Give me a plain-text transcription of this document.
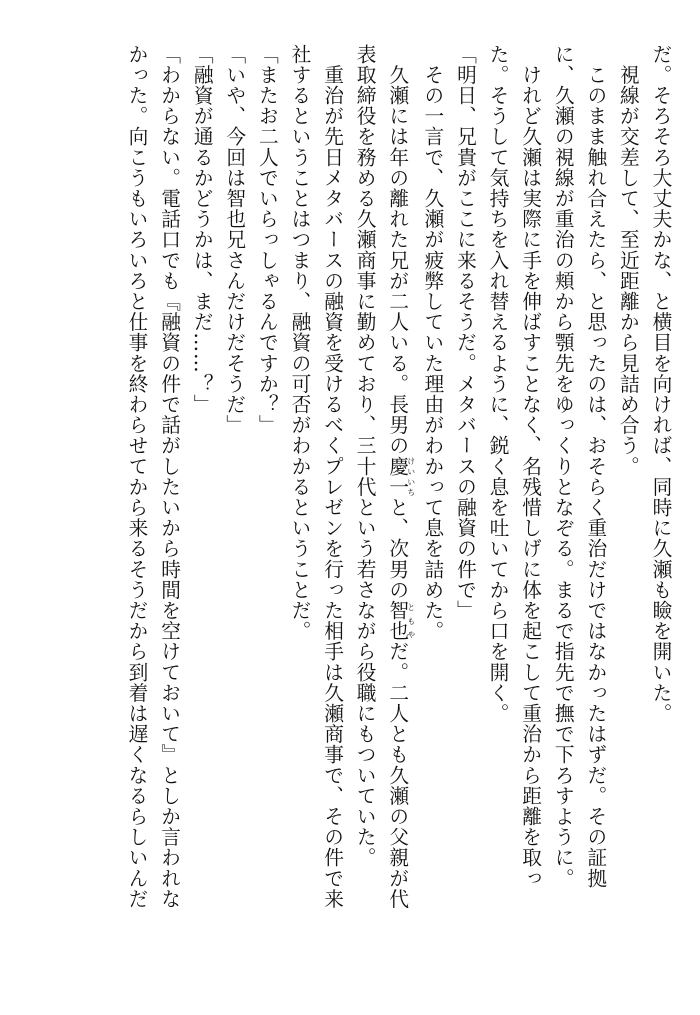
だ。そろそろ大丈夫かな、と横目を向ければ、同時に久瀬も瞼を開いた。
　視線が交差して、至近距離から見詰め合う。
　このまま触れ合えたら、と思ったのは、おそらく重治だけではなかったはずだ。その証拠
に、久瀬の視線が重治の頬から顎先をゆっくりとなぞる。まるで指先で撫で下ろすように。
　けれど久瀬は実際に手を伸ばすことなく、名残惜しげに体を起こして重治から距離を取っ
た。そうして気持ちを入れ替えるように、鋭く息を吐いてから口を開く。
「明日、兄貴がここに来るそうだ。メタバースの融資の件で」
　その一言で、久瀬が疲弊していた理由がわかって息を詰めた。
　久瀬には年の離れた兄が二人いる。長男の慶一けいいちと、次男の智也ともやだ。二人とも久瀬の父親が代
表取締役を務める久瀬商事に勤めており、三十代という若さながら役職にもついていた。
　重治が先日メタバースの融資を受けるべくプレゼンを行った相手は久瀬商事で、その件で来
社するということはつまり、融資の可否がわかるということだ。
「またお二人でいらっしゃるんですか？」
「いや、今回は智也兄さんだけだそうだ」
「融資が通るかどうかは、まだ……？」
「わからない。電話口でも『融資の件で話がしたいから時間を空けておいて』としか言われな
かった。向こうもいろいろと仕事を終わらせてから来るそうだから到着は遅くなるらしいんだ
